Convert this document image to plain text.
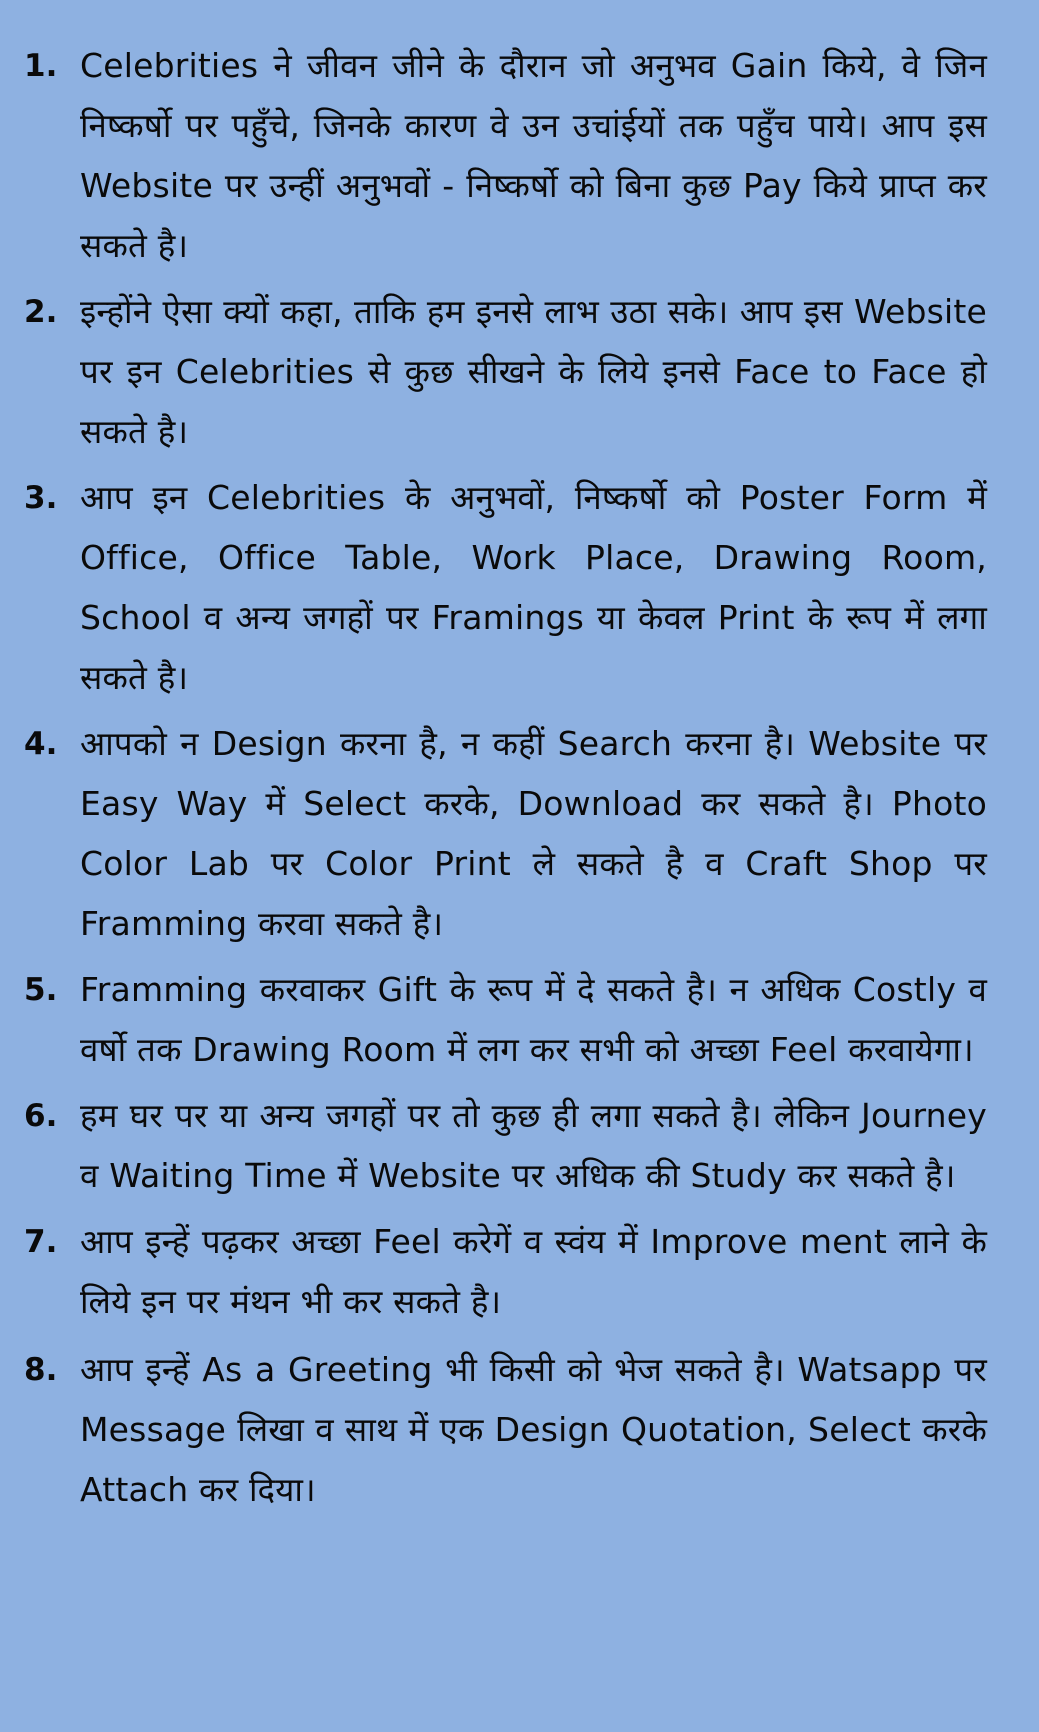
1. Celebrities ने जीवन जीने के दौरान जो अनुभव Gain किये, वे जिन निष्कर्षो पर पहुँचे, जिनके कारण वे उन उचांईयों तक पहुँच पाये। आप इस Website पर उन्हीं अनुभवों - निष्कर्षो को बिना कुछ Pay किये प्राप्त कर सकते है।
2. इन्होंने ऐसा क्यों कहा, ताकि हम इनसे लाभ उठा सके। आप इस Website पर इन Celebrities से कुछ सीखने के लिये इनसे Face to Face हो सकते है।
3. आप इन Celebrities के अनुभवों, निष्कर्षो को Poster Form में Office, Office Table, Work Place, Drawing Room, School व अन्य जगहों पर Framings या केवल Print के रूप में लगा सकते है।
4. आपको न Design करना है, न कहीं Search करना है। Website पर Easy Way में Select करके, Download कर सकते है। Photo Color Lab पर Color Print ले सकते है व Craft Shop पर Framming करवा सकते है।
5. Framming करवाकर Gift के रूप में दे सकते है। न अधिक Costly व वर्षो तक Drawing Room में लग कर सभी को अच्छा Feel करवायेगा।
6. हम घर पर या अन्य जगहों पर तो कुछ ही लगा सकते है। लेकिन Journey व Waiting Time में Website पर अधिक की Study कर सकते है।
7. आप इन्हें पढ़कर अच्छा Feel करेगें व स्वंय में Improve ment लाने के लिये इन पर मंथन भी कर सकते है।
8. आप इन्हें As a Greeting भी किसी को भेज सकते है। Watsapp पर Message लिखा व साथ में एक Design Quotation, Select करके Attach कर दिया।
